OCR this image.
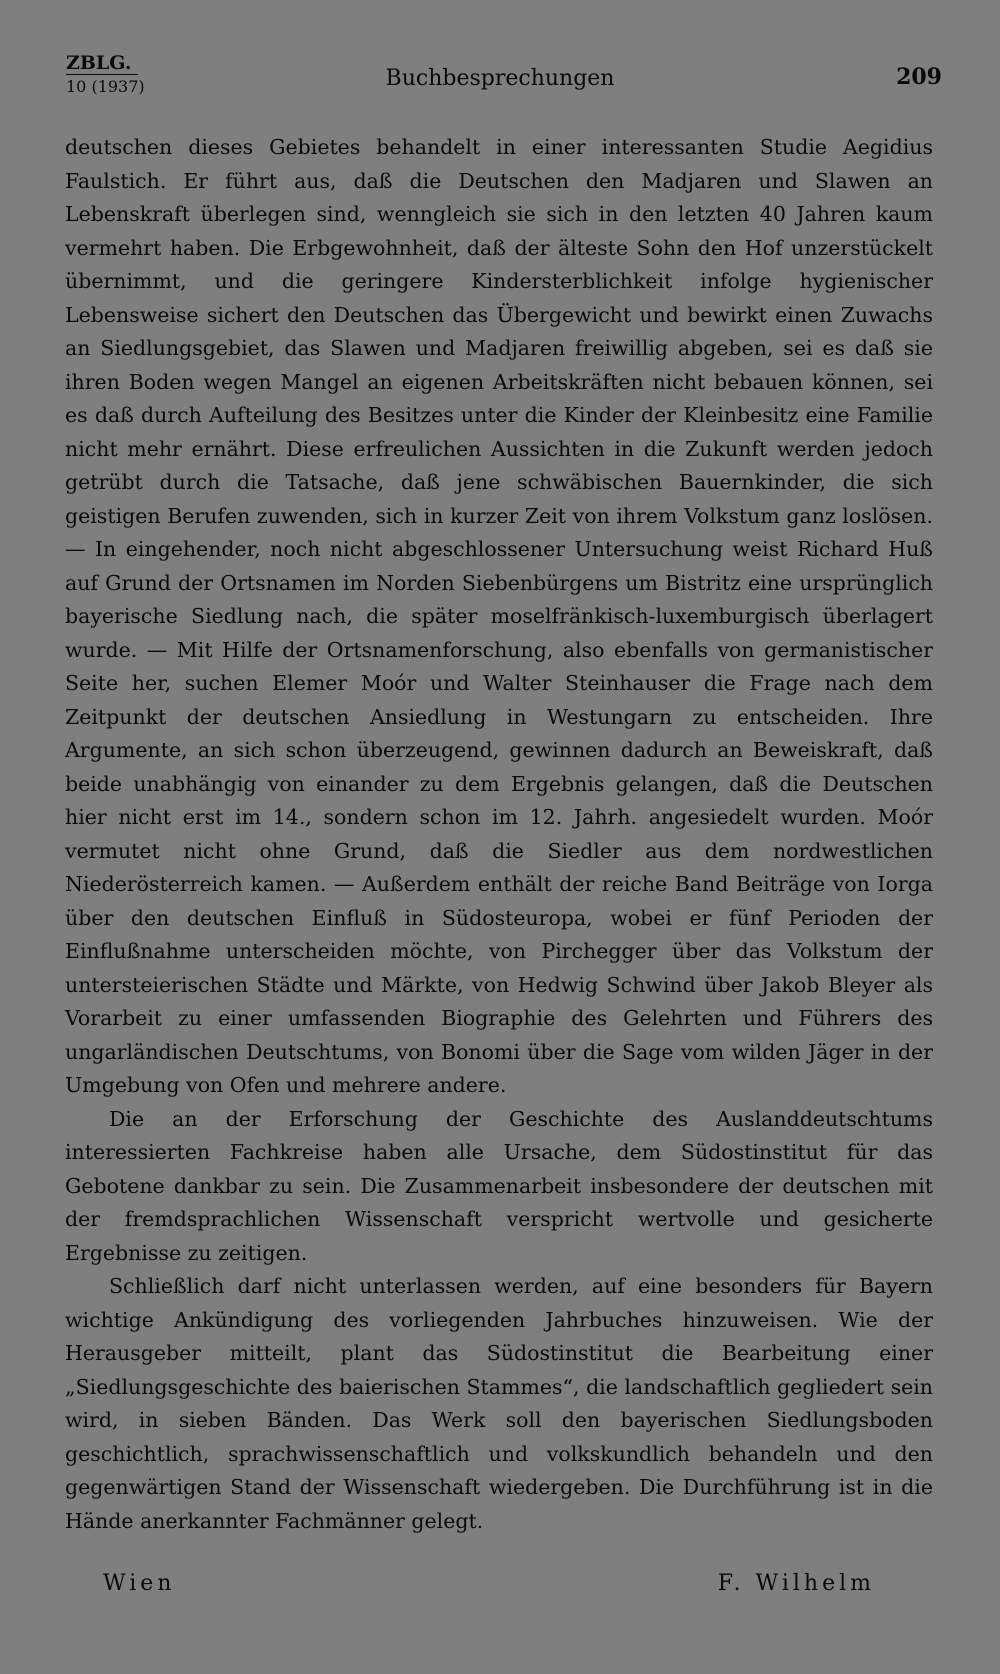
ZBLG.
10 (1937)	Buchbesprechungen	209

deutschen dieses Gebietes behandelt in einer interessanten Studie Aegidius Faulstich. Er führt aus, daß die Deutschen den Madjaren und Slawen an Lebenskraft überlegen sind, wenngleich sie sich in den letzten 40 Jahren kaum vermehrt haben. Die Erbgewohnheit, daß der älteste Sohn den Hof unzerstückelt übernimmt, und die geringere Kindersterblichkeit infolge hygienischer Lebensweise sichert den Deutschen das Übergewicht und bewirkt einen Zuwachs an Siedlungsgebiet, das Slawen und Madjaren freiwillig abgeben, sei es daß sie ihren Boden wegen Mangel an eigenen Arbeitskräften nicht bebauen können, sei es daß durch Aufteilung des Besitzes unter die Kinder der Kleinbesitz eine Familie nicht mehr ernährt. Diese erfreulichen Aussichten in die Zukunft werden jedoch getrübt durch die Tatsache, daß jene schwäbischen Bauernkinder, die sich geistigen Berufen zuwenden, sich in kurzer Zeit von ihrem Volkstum ganz loslösen. — In eingehender, noch nicht abgeschlossener Untersuchung weist Richard Huß auf Grund der Ortsnamen im Norden Siebenbürgens um Bistritz eine ursprünglich bayerische Siedlung nach, die später moselfränkisch-luxemburgisch überlagert wurde. — Mit Hilfe der Ortsnamenforschung, also ebenfalls von germanistischer Seite her, suchen Elemer Moór und Walter Steinhauser die Frage nach dem Zeitpunkt der deutschen Ansiedlung in Westungarn zu entscheiden. Ihre Argumente, an sich schon überzeugend, gewinnen dadurch an Beweiskraft, daß beide unabhängig von einander zu dem Ergebnis gelangen, daß die Deutschen hier nicht erst im 14., sondern schon im 12. Jahrh. angesiedelt wurden. Moór vermutet nicht ohne Grund, daß die Siedler aus dem nordwestlichen Niederösterreich kamen. — Außerdem enthält der reiche Band Beiträge von Iorga über den deutschen Einfluß in Südosteuropa, wobei er fünf Perioden der Einflußnahme unterscheiden möchte, von Pirchegger über das Volkstum der untersteierischen Städte und Märkte, von Hedwig Schwind über Jakob Bleyer als Vorarbeit zu einer umfassenden Biographie des Gelehrten und Führers des ungarländischen Deutschtums, von Bonomi über die Sage vom wilden Jäger in der Umgebung von Ofen und mehrere andere.

Die an der Erforschung der Geschichte des Auslanddeutschtums interessierten Fachkreise haben alle Ursache, dem Südostinstitut für das Gebotene dankbar zu sein. Die Zusammenarbeit insbesondere der deutschen mit der fremdsprachlichen Wissenschaft verspricht wertvolle und gesicherte Ergebnisse zu zeitigen.

Schließlich darf nicht unterlassen werden, auf eine besonders für Bayern wichtige Ankündigung des vorliegenden Jahrbuches hinzuweisen. Wie der Herausgeber mitteilt, plant das Südostinstitut die Bearbeitung einer „Siedlungsgeschichte des baierischen Stammes“, die landschaftlich gegliedert sein wird, in sieben Bänden. Das Werk soll den bayerischen Siedlungsboden geschichtlich, sprachwissenschaftlich und volkskundlich behandeln und den gegenwärtigen Stand der Wissenschaft wiedergeben. Die Durchführung ist in die Hände anerkannter Fachmänner gelegt.

Wien	F. Wilhelm
